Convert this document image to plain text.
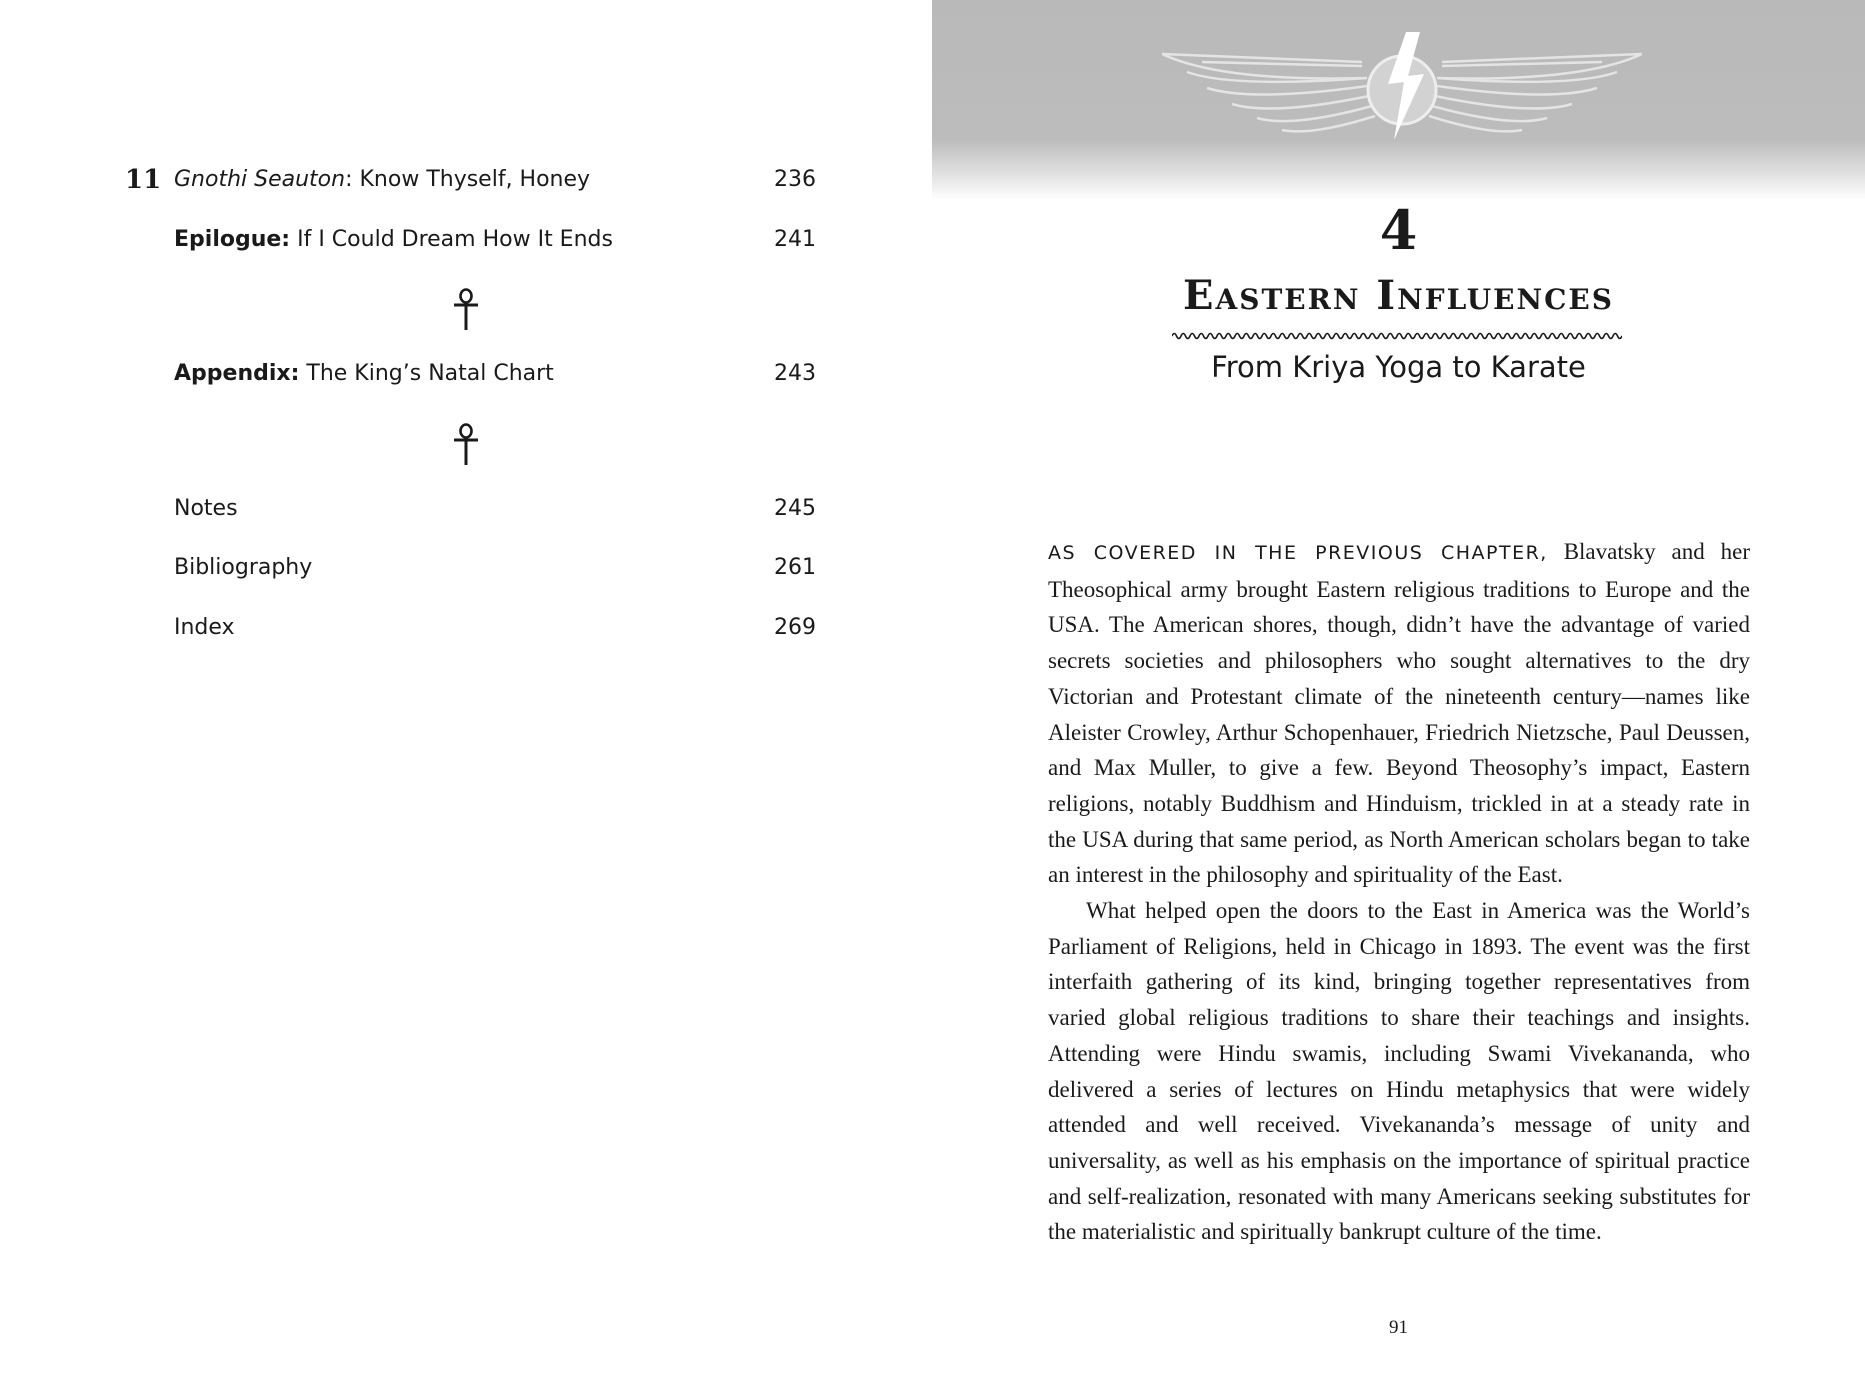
11 Gnothi Seauton: Know Thyself, Honey	236
Epilogue: If I Could Dream How It Ends	241
Appendix: The King’s Natal Chart	243
Notes	245
Bibliography	261
Index	269
4
Eastern Influences
From Kriya Yoga to Karate

AS COVERED IN THE PREVIOUS CHAPTER, Blavatsky and her Theosophical army brought Eastern religious traditions to Europe and the USA. The American shores, though, didn’t have the advantage of varied secrets societies and philosophers who sought alternatives to the dry Victorian and Protestant climate of the nineteenth century—names like Aleister Crowley, Arthur Schopenhauer, Friedrich Nietzsche, Paul Deussen, and Max Muller, to give a few. Beyond Theosophy’s impact, Eastern religions, notably Buddhism and Hinduism, trickled in at a steady rate in the USA during that same period, as North American scholars began to take an interest in the philosophy and spirituality of the East.

What helped open the doors to the East in America was the World’s Parliament of Religions, held in Chicago in 1893. The event was the first interfaith gathering of its kind, bringing together representatives from varied global religious traditions to share their teachings and insights. Attending were Hindu swamis, including Swami Vivekananda, who delivered a series of lectures on Hindu metaphysics that were widely attended and well received. Vivekananda’s message of unity and universality, as well as his emphasis on the importance of spiritual practice and self-realization, resonated with many Americans seeking substitutes for the materialistic and spiritually bankrupt culture of the time.

91
